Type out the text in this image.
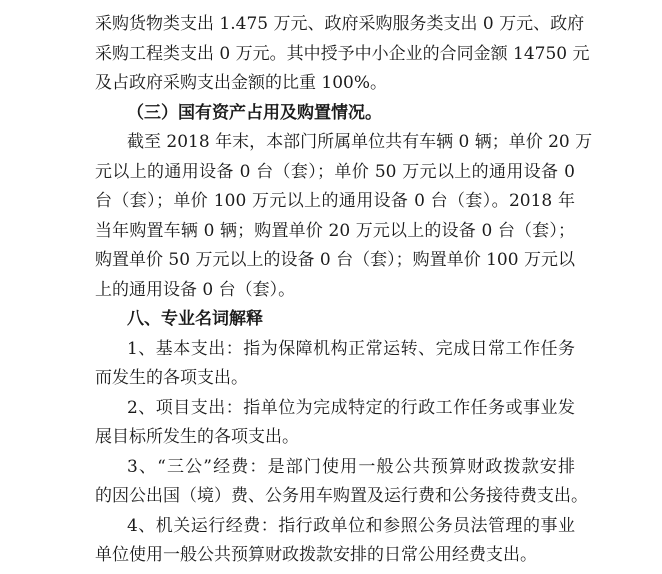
采购货物类支出 1.475 万元、政府采购服务类支出 0 万元、政府
采购工程类支出 0 万元。其中授予中小企业的合同金额 14750 元
及占政府采购支出金额的比重 100%。
（三）国有资产占用及购置情况。
截至 2018 年末，本部门所属单位共有车辆 0 辆；单价 20 万
元以上的通用设备 0 台（套）；单价 50 万元以上的通用设备 0
台（套）；单价 100 万元以上的通用设备 0 台（套）。2018 年
当年购置车辆 0 辆；购置单价 20 万元以上的设备 0 台（套）；
购置单价 50 万元以上的设备 0 台（套）；购置单价 100 万元以
上的通用设备 0 台（套）。
八、专业名词解释
1、基本支出：指为保障机构正常运转、完成日常工作任务
而发生的各项支出。
2、项目支出：指单位为完成特定的行政工作任务或事业发
展目标所发生的各项支出。
3、“三公”经费：是部门使用一般公共预算财政拨款安排
的因公出国（境）费、公务用车购置及运行费和公务接待费支出。
4、机关运行经费：指行政单位和参照公务员法管理的事业
单位使用一般公共预算财政拨款安排的日常公用经费支出。
